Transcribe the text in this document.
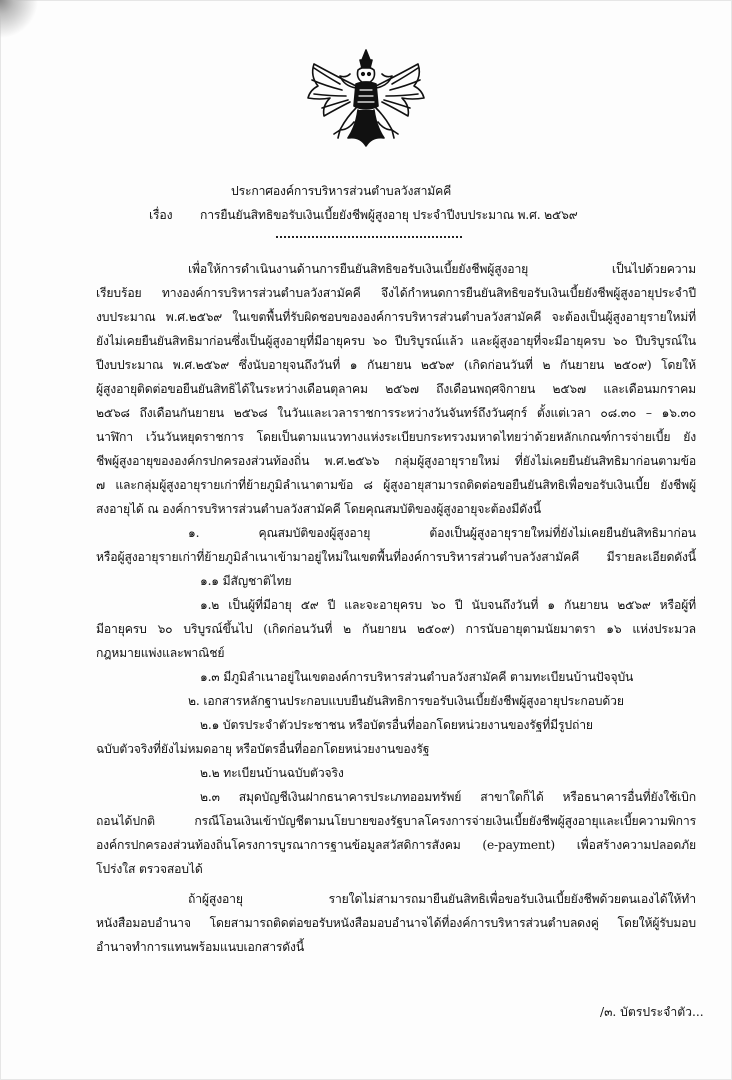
ประกาศองค์การบริหารส่วนตำบลวังสามัคคี
เรื่อง การยืนยันสิทธิขอรับเงินเบี้ยยังชีพผู้สูงอายุ ประจำปีงบประมาณ พ.ศ. ๒๕๖๙
เพื่อให้การดำเนินงานด้านการยืนยันสิทธิขอรับเงินเบี้ยยังชีพผู้สูงอายุ เป็นไปด้วยความ
เรียบร้อย ทางองค์การบริหารส่วนตำบลวังสามัคคี จึงได้กำหนดการยืนยันสิทธิขอรับเงินเบี้ยยังชีพผู้สูงอายุประจำปี
งบประมาณ พ.ศ.๒๕๖๙ ในเขตพื้นที่รับผิดชอบขององค์การบริหารส่วนตำบลวังสามัคคี จะต้องเป็นผู้สูงอายุรายใหม่ที่
ยังไม่เคยยืนยันสิทธิมาก่อนซึ่งเป็นผู้สูงอายุที่มีอายุครบ ๖๐ ปีบริบูรณ์แล้ว และผู้สูงอายุที่จะมีอายุครบ ๖๐ ปีบริบูรณ์ใน
ปีงบประมาณ พ.ศ.๒๕๖๙ ซึ่งนับอายุจนถึงวันที่ ๑ กันยายน ๒๕๖๙ (เกิดก่อนวันที่ ๒ กันยายน ๒๕๐๙) โดยให้
ผู้สูงอายุติดต่อขอยืนยันสิทธิได้ในระหว่างเดือนตุลาคม ๒๕๖๗ ถึงเดือนพฤศจิกายน ๒๕๖๗ และเดือนมกราคม
๒๕๖๘ ถึงเดือนกันยายน ๒๕๖๘ ในวันและเวลาราชการระหว่างวันจันทร์ถึงวันศุกร์ ตั้งแต่เวลา ๐๘.๓๐ – ๑๖.๓๐
นาฬิกา เว้นวันหยุดราชการ โดยเป็นตามแนวทางแห่งระเบียบกระทรวงมหาดไทยว่าด้วยหลักเกณฑ์การจ่ายเบี้ย ยัง
ชีพผู้สูงอายุขององค์กรปกครองส่วนท้องถิ่น พ.ศ.๒๕๖๖ กลุ่มผู้สูงอายุรายใหม่ ที่ยังไม่เคยยืนยันสิทธิมาก่อนตามข้อ
๗ และกลุ่มผู้สูงอายุรายเก่าที่ย้ายภูมิลำเนาตามข้อ ๘ ผู้สูงอายุสามารถติดต่อขอยืนยันสิทธิเพื่อขอรับเงินเบี้ย ยังชีพผู้
สงอายุได้ ณ องค์การบริหารส่วนตำบลวังสามัคคี โดยคุณสมบัติของผู้สูงอายุจะต้องมีดังนี้
๑. คุณสมบัติของผู้สูงอายุ ต้องเป็นผู้สูงอายุรายใหม่ที่ยังไม่เคยยืนยันสิทธิมาก่อน
หรือผู้สูงอายุรายเก่าที่ย้ายภูมิลำเนาเข้ามาอยู่ใหม่ในเขตพื้นที่องค์การบริหารส่วนตำบลวังสามัคคี มีรายละเอียดดังนี้
๑.๑ มีสัญชาติไทย
๑.๒ เป็นผู้ที่มีอายุ ๕๙ ปี และจะอายุครบ ๖๐ ปี นับจนถึงวันที่ ๑ กันยายน ๒๕๖๙ หรือผู้ที่
มีอายุครบ ๖๐ บริบูรณ์ขึ้นไป (เกิดก่อนวันที่ ๒ กันยายน ๒๕๐๙) การนับอายุตามนัยมาตรา ๑๖ แห่งประมวล
กฎหมายแพ่งและพาณิชย์
๑.๓ มีภูมิลำเนาอยู่ในเขตองค์การบริหารส่วนตำบลวังสามัคคี ตามทะเบียนบ้านปัจจุบัน
๒. เอกสารหลักฐานประกอบแบบยืนยันสิทธิการขอรับเงินเบี้ยยังชีพผู้สูงอายุประกอบด้วย
๒.๑ บัตรประจำตัวประชาชน หรือบัตรอื่นที่ออกโดยหน่วยงานของรัฐที่มีรูปถ่าย
ฉบับตัวจริงที่ยังไม่หมดอายุ หรือบัตรอื่นที่ออกโดยหน่วยงานของรัฐ
๒.๒ ทะเบียนบ้านฉบับตัวจริง
๒.๓ สมุดบัญชีเงินฝากธนาคารประเภทออมทรัพย์ สาขาใดก็ได้ หรือธนาคารอื่นที่ยังใช้เบิก
ถอนได้ปกติ กรณีโอนเงินเข้าบัญชีตามนโยบายของรัฐบาลโครงการจ่ายเงินเบี้ยยังชีพผู้สูงอายุและเบี้ยความพิการ
องค์กรปกครองส่วนท้องถิ่นโครงการบูรณาการฐานข้อมูลสวัสดิการสังคม (e-payment) เพื่อสร้างความปลอดภัย
โปร่งใส ตรวจสอบได้
ถ้าผู้สูงอายุ รายใดไม่สามารถมายืนยันสิทธิเพื่อขอรับเงินเบี้ยยังชีพด้วยตนเองได้ให้ทำ
หนังสือมอบอำนาจ โดยสามารถติดต่อขอรับหนังสือมอบอำนาจได้ที่องค์การบริหารส่วนตำบลดงคู่ โดยให้ผู้รับมอบ
อำนาจทำการแทนพร้อมแนบเอกสารดังนี้
/๓. บัตรประจำตัว...
